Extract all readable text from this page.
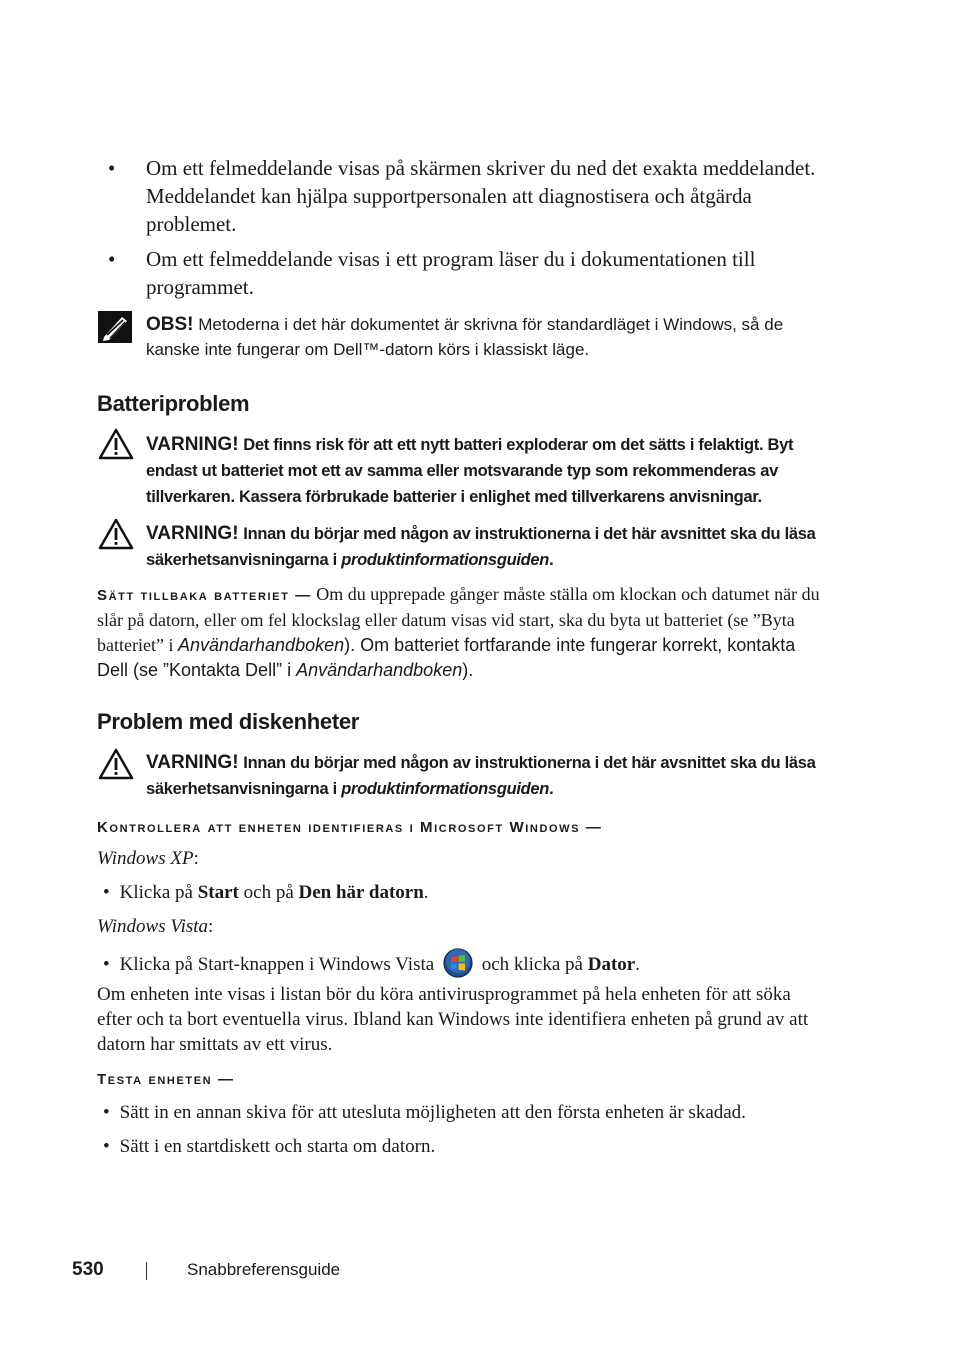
• Om ett felmeddelande visas på skärmen skriver du ned det exakta meddelandet. Meddelandet kan hjälpa supportpersonalen att diagnostisera och åtgärda problemet.
• Om ett felmeddelande visas i ett program läser du i dokumentationen till programmet.
OBS! Metoderna i det här dokumentet är skrivna för standardläget i Windows, så de kanske inte fungerar om Dell™-datorn körs i klassiskt läge.
Batteriproblem
VARNING! Det finns risk för att ett nytt batteri exploderar om det sätts i felaktigt. Byt endast ut batteriet mot ett av samma eller motsvarande typ som rekommenderas av tillverkaren. Kassera förbrukade batterier i enlighet med tillverkarens anvisningar.
VARNING! Innan du börjar med någon av instruktionerna i det här avsnittet ska du läsa säkerhetsanvisningarna i produktinformationsguiden.
Sätt tillbaka batteriet — Om du upprepade gånger måste ställa om klockan och datumet när du slår på datorn, eller om fel klockslag eller datum visas vid start, ska du byta ut batteriet (se ”Byta batteriet” i Användarhandboken). Om batteriet fortfarande inte fungerar korrekt, kontakta Dell (se ”Kontakta Dell” i Användarhandboken).
Problem med diskenheter
VARNING! Innan du börjar med någon av instruktionerna i det här avsnittet ska du läsa säkerhetsanvisningarna i produktinformationsguiden.
Kontrollera att enheten identifieras i Microsoft Windows —
Windows XP:
• Klicka på Start och på Den här datorn.
Windows Vista:
• Klicka på Start-knappen i Windows Vista  och klicka på Dator.
Om enheten inte visas i listan bör du köra antivirusprogrammet på hela enheten för att söka efter och ta bort eventuella virus. Ibland kan Windows inte identifiera enheten på grund av att datorn har smittats av ett virus.
Testa enheten —
• Sätt in en annan skiva för att utesluta möjligheten att den första enheten är skadad.
• Sätt i en startdiskett och starta om datorn.
530	Snabbreferensguide
